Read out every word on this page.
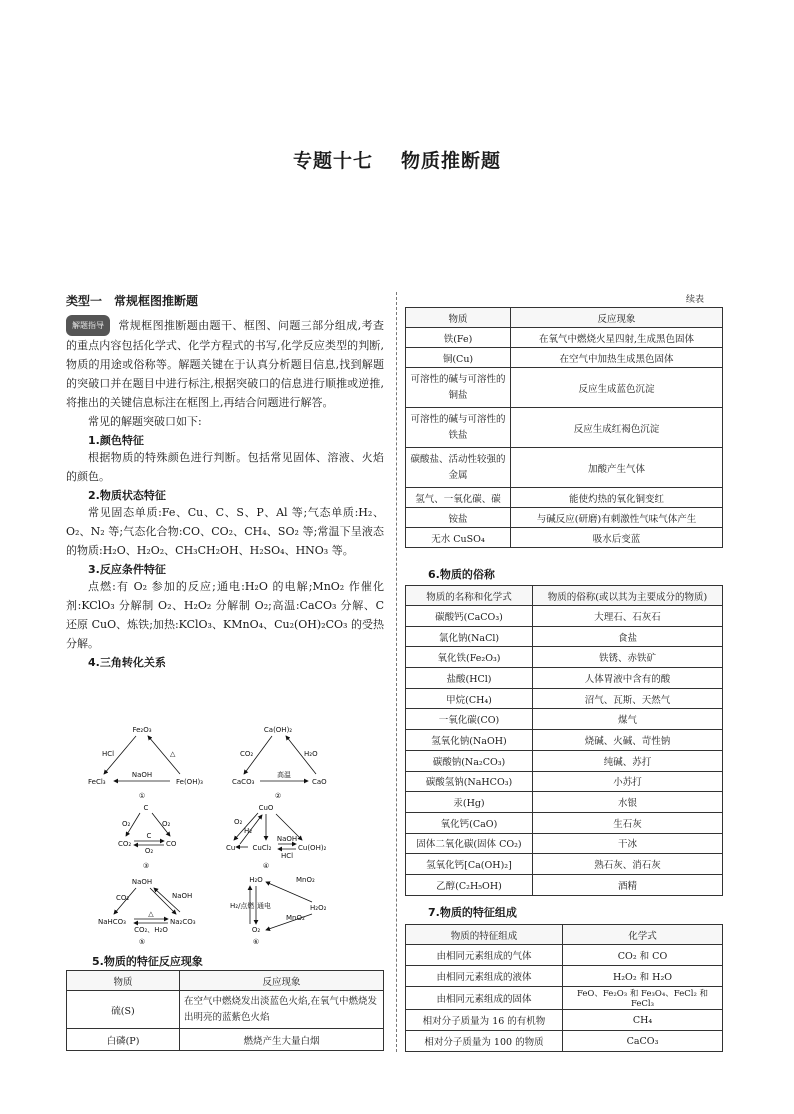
专题十七 物质推断题
类型一　常规框图推断题
解题指导 常规框图推断题由题干、框图、问题三部分组成,考查的重点内容包括化学式、化学方程式的书写,化学反应类型的判断,物质的用途或俗称等。解题关键在于认真分析题目信息,找到解题的突破口并在题目中进行标注,根据突破口的信息进行顺推或逆推,将推出的关键信息标注在框图上,再结合问题进行解答。
常见的解题突破口如下:
1.颜色特征
根据物质的特殊颜色进行判断。包括常见固体、溶液、火焰的颜色。
2.物质状态特征
常见固态单质:Fe、Cu、C、S、P、Al 等;气态单质:H₂、O₂、N₂ 等;气态化合物:CO、CO₂、CH₄、SO₂ 等;常温下呈液态的物质:H₂O、H₂O₂、CH₃CH₂OH、H₂SO₄、HNO₃ 等。
3.反应条件特征
点燃:有 O₂ 参加的反应;通电:H₂O 的电解;MnO₂ 作催化剂:KClO₃ 分解制 O₂、H₂O₂ 分解制 O₂;高温:CaCO₃ 分解、C 还原 CuO、炼铁;加热:KClO₃、KMnO₄、Cu₂(OH)₂CO₃ 的受热分解。
4.三角转化关系
Fe₂O₃
FeCl₃	Fe(OH)₃
HCl	△
NaOH
①
Ca(OH)₂
CaCO₃	CaO
CO₂	H₂O
高温
②
C
CO₂	CO
O₂	O₂
C
O₂
③
CuO
Cu CuCl₂	Cu(OH)₂
O₂
H₂
NaOH
HCl
④
NaOH
NaHCO₃	Na₂CO₃
CO₂	NaOH
△
CO₂、H₂O
⑤
H₂O	MnO₂
H₂/点燃 通电	H₂O₂
MnO₂
O₂
⑥
5.物质的特征反应现象
物质	反应现象
硫(S)	在空气中燃烧发出淡蓝色火焰,在氧气中燃烧发出明亮的蓝紫色火焰
白磷(P)	燃烧产生大量白烟
续表
物质	反应现象
铁(Fe)	在氧气中燃烧火星四射,生成黑色固体
铜(Cu)	在空气中加热生成黑色固体
可溶性的碱与可溶性的铜盐	反应生成蓝色沉淀
可溶性的碱与可溶性的铁盐	反应生成红褐色沉淀
碳酸盐、活动性较强的金属	加酸产生气体
氢气、一氧化碳、碳	能使灼热的氧化铜变红
铵盐	与碱反应(研磨)有刺激性气味气体产生
无水 CuSO₄	吸水后变蓝
6.物质的俗称
物质的名称和化学式	物质的俗称(或以其为主要成分的物质)
碳酸钙(CaCO₃)	大理石、石灰石
氯化钠(NaCl)	食盐
氧化铁(Fe₂O₃)	铁锈、赤铁矿
盐酸(HCl)	人体胃液中含有的酸
甲烷(CH₄)	沼气、瓦斯、天然气
一氧化碳(CO)	煤气
氢氧化钠(NaOH)	烧碱、火碱、苛性钠
碳酸钠(Na₂CO₃)	纯碱、苏打
碳酸氢钠(NaHCO₃)	小苏打
汞(Hg)	水银
氧化钙(CaO)	生石灰
固体二氧化碳(固体 CO₂)	干冰
氢氧化钙[Ca(OH)₂]	熟石灰、消石灰
乙醇(C₂H₅OH)	酒精
7.物质的特征组成
物质的特征组成	化学式
由相同元素组成的气体	CO₂ 和 CO
由相同元素组成的液体	H₂O₂ 和 H₂O
由相同元素组成的固体	FeO、Fe₂O₃ 和 Fe₃O₄、FeCl₂ 和 FeCl₃
相对分子质量为 16 的有机物	CH₄
相对分子质量为 100 的物质	CaCO₃
